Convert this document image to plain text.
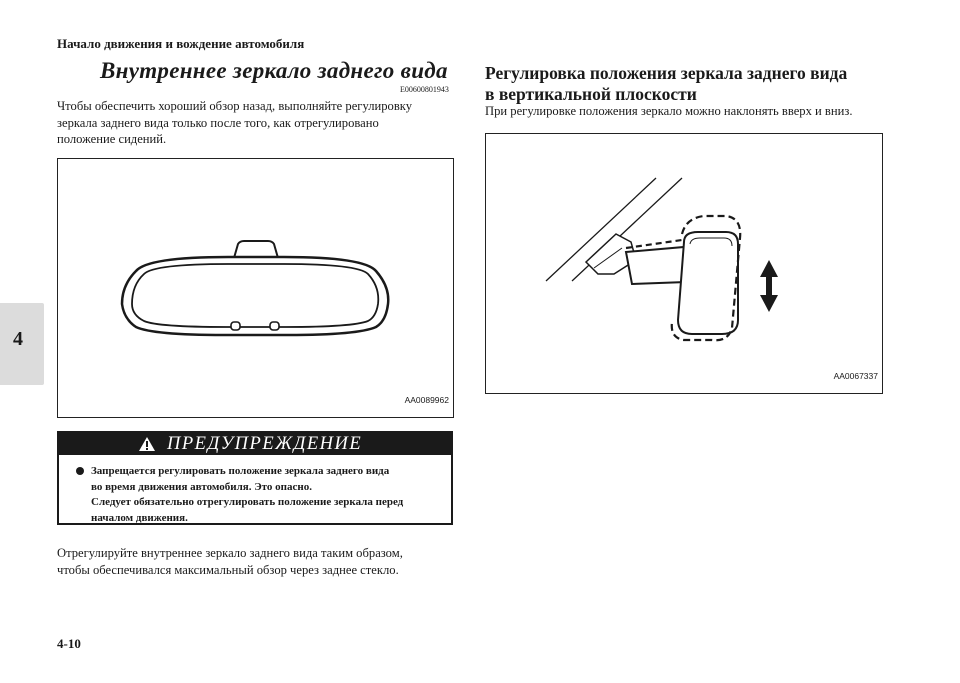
Начало движения и вождение автомобиля
4
Внутреннее зеркало заднего вида
E00600801943
Чтобы обеспечить хороший обзор назад, выполняйте регулировку
зеркала заднего вида только после того, как отрегулировано
положение сидений.
AA0089962
ПРЕДУПРЕЖДЕНИЕ
Запрещается регулировать положение зеркала заднего вида
во время движения автомобиля. Это опасно.
Следует обязательно отрегулировать положение зеркала перед
началом движения.
Отрегулируйте внутреннее зеркало заднего вида таким образом,
чтобы обеспечивался максимальный обзор через заднее стекло.
Регулировка положения зеркала заднего вида
в вертикальной плоскости
При регулировке положения зеркало можно наклонять вверх и вниз.
AA0067337
4-10
